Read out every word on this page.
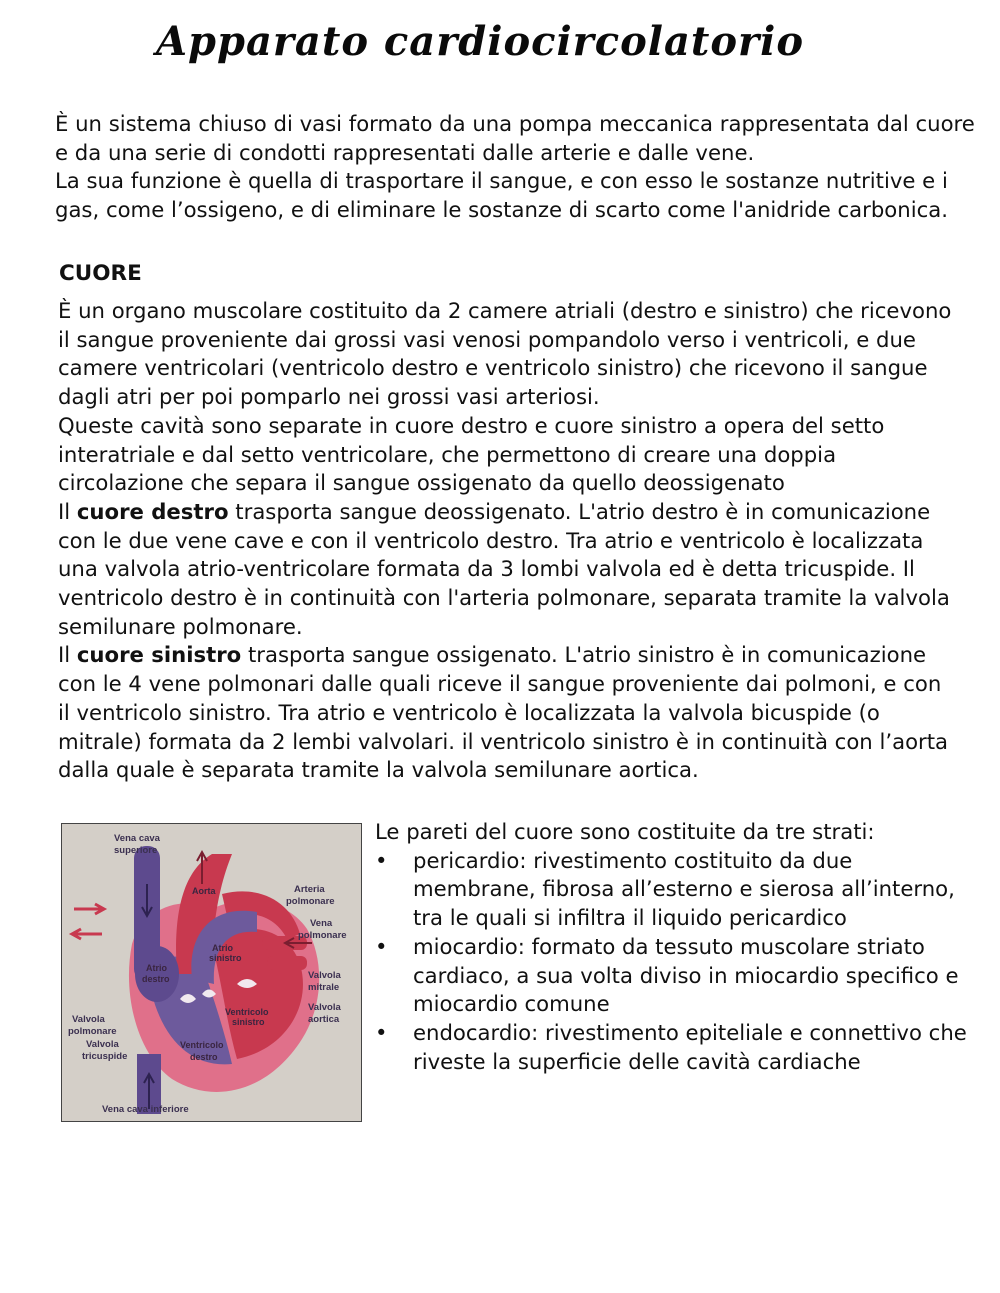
Apparato cardiocircolatorio

È un sistema chiuso di vasi formato da una pompa meccanica rappresentata dal cuore e da una serie di condotti rappresentati dalle arterie e dalle vene.
La sua funzione è quella di trasportare il sangue, e con esso le sostanze nutritive e i gas, come l’ossigeno, e di eliminare le sostanze di scarto come l'anidride carbonica.

CUORE

È un organo muscolare costituito da 2 camere atriali (destro e sinistro) che ricevono il sangue proveniente dai grossi vasi venosi pompandolo verso i ventricoli, e due camere ventricolari (ventricolo destro e ventricolo sinistro) che ricevono il sangue dagli atri per poi pomparlo nei grossi vasi arteriosi.
Queste cavità sono separate in cuore destro e cuore sinistro a opera del setto interatriale e dal setto ventricolare, che permettono di creare una doppia circolazione che separa il sangue ossigenato da quello deossigenato
Il cuore destro trasporta sangue deossigenato. L'atrio destro è in comunicazione con le due vene cave e con il ventricolo destro. Tra atrio e ventricolo è localizzata una valvola atrio-ventricolare formata da 3 lombi valvola ed è detta tricuspide. Il ventricolo destro è in continuità con l'arteria polmonare, separata tramite la valvola semilunare polmonare.
Il cuore sinistro trasporta sangue ossigenato. L'atrio sinistro è in comunicazione con le 4 vene polmonari dalle quali riceve il sangue proveniente dai polmoni, e con il ventricolo sinistro. Tra atrio e ventricolo è localizzata la valvola bicuspide (o mitrale) formata da 2 lembi valvolari. il ventricolo sinistro è in continuità con l’aorta dalla quale è separata tramite la valvola semilunare aortica.

Vena cava
superiore
Aorta	Arteria
polmonare
Vena
polmonare
Atrio
sinistro
Atrio
destro	Valvola
mitrale
Valvola
aortica
Ventricolo
sinistro
Valvola
polmonare
Valvola
tricuspide
Ventricolo
destro
Vena cava inferiore

Le pareti del cuore sono costituite da tre strati:

• pericardio: rivestimento costituito da due membrane, fibrosa all’esterno e sierosa all’interno, tra le quali si infiltra il liquido pericardico
• miocardio: formato da tessuto muscolare striato cardiaco, a sua volta diviso in miocardio specifico e miocardio comune
• endocardio: rivestimento epiteliale e connettivo che riveste la superficie delle cavità cardiache
